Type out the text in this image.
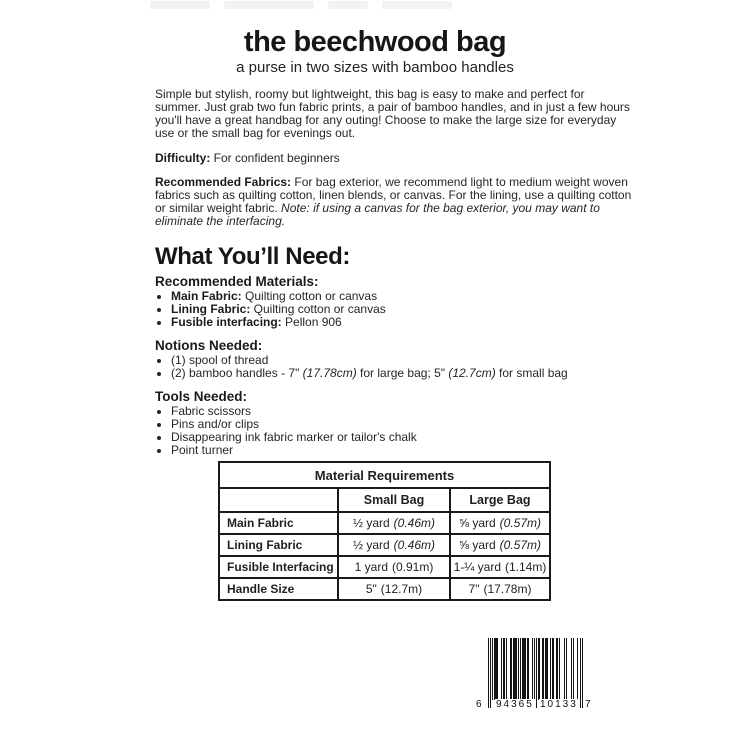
the beechwood bag
a purse in two sizes with bamboo handles

Simple but stylish, roomy but lightweight, this bag is easy to make and perfect for summer. Just grab two fun fabric prints, a pair of bamboo handles, and in just a few hours you'll have a great handbag for any outing! Choose to make the large size for everyday use or the small bag for evenings out.

Difficulty: For confident beginners

Recommended Fabrics: For bag exterior, we recommend light to medium weight woven fabrics such as quilting cotton, linen blends, or canvas. For the lining, use a quilting cotton or similar weight fabric. Note: if using a canvas for the bag exterior, you may want to eliminate the interfacing.

What You’ll Need:
Recommended Materials:
• Main Fabric: Quilting cotton or canvas
• Lining Fabric: Quilting cotton or canvas
• Fusible interfacing: Pellon 906
Notions Needed:
• (1) spool of thread
• (2) bamboo handles - 7" (17.78cm) for large bag; 5" (12.7cm) for small bag
Tools Needed:
• Fabric scissors
• Pins and/or clips
• Disappearing ink fabric marker or tailor's chalk
• Point turner
Material Requirements		
	Small Bag	Large Bag
Main Fabric	½ yard (0.46m)	⅝ yard (0.57m)
Lining Fabric	½ yard (0.46m)	⅝ yard (0.57m)
Fusible Interfacing	1 yard (0.91m)	1-¼ yard (1.14m)
Handle Size	5" (12.7m)	7" (17.78m)
6 94365 10133 7
